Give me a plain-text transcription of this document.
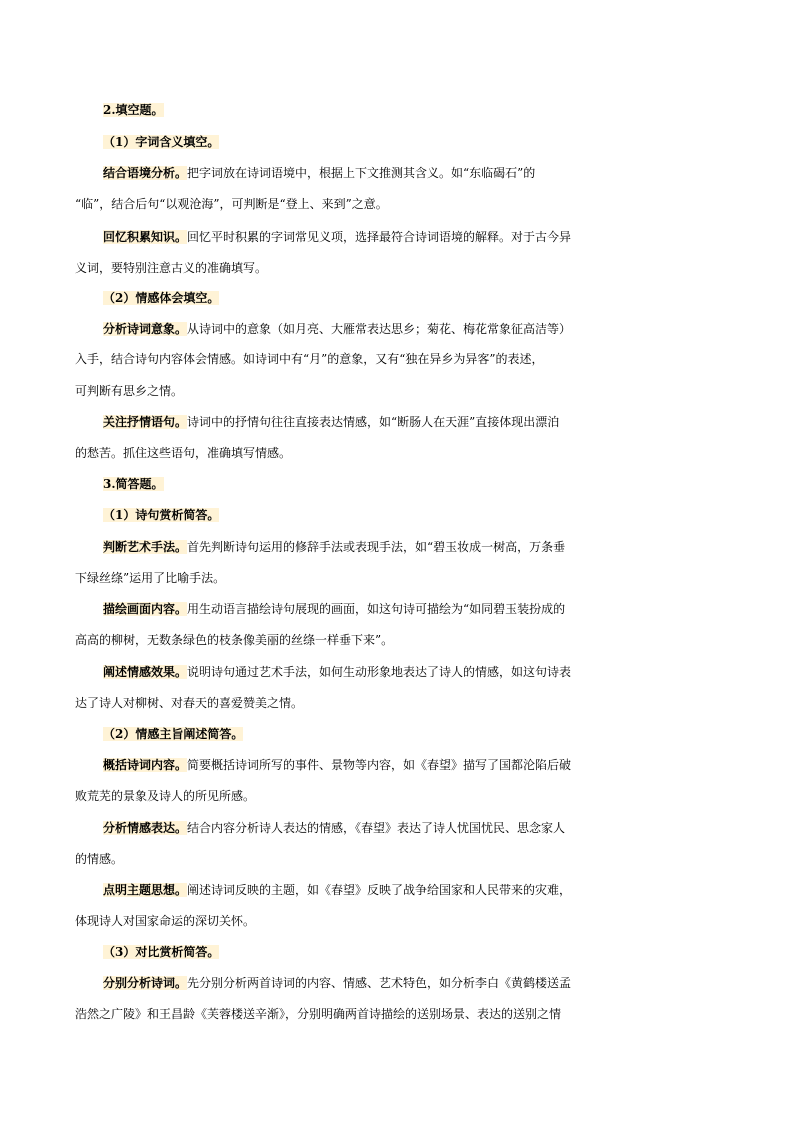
2.填空题。
（1）字词含义填空。
结合语境分析。把字词放在诗词语境中，根据上下文推测其含义。如“东临碣石”的
“临”，结合后句“以观沧海”，可判断是“登上、来到”之意。
回忆积累知识。回忆平时积累的字词常见义项，选择最符合诗词语境的解释。对于古今异
义词，要特别注意古义的准确填写。
（2）情感体会填空。
分析诗词意象。从诗词中的意象（如月亮、大雁常表达思乡；菊花、梅花常象征高洁等）
入手，结合诗句内容体会情感。如诗词中有“月”的意象，又有“独在异乡为异客”的表述，
可判断有思乡之情。
关注抒情语句。诗词中的抒情句往往直接表达情感，如“断肠人在天涯”直接体现出漂泊
的愁苦。抓住这些语句，准确填写情感。
3.简答题。
（1）诗句赏析简答。
判断艺术手法。首先判断诗句运用的修辞手法或表现手法，如“碧玉妆成一树高，万条垂
下绿丝绦”运用了比喻手法。
描绘画面内容。用生动语言描绘诗句展现的画面，如这句诗可描绘为“如同碧玉装扮成的
高高的柳树，无数条绿色的枝条像美丽的丝绦一样垂下来”。
阐述情感效果。说明诗句通过艺术手法，如何生动形象地表达了诗人的情感，如这句诗表
达了诗人对柳树、对春天的喜爱赞美之情。
（2）情感主旨阐述简答。
概括诗词内容。简要概括诗词所写的事件、景物等内容，如《春望》描写了国都沦陷后破
败荒芜的景象及诗人的所见所感。
分析情感表达。结合内容分析诗人表达的情感，《春望》表达了诗人忧国忧民、思念家人
的情感。
点明主题思想。阐述诗词反映的主题，如《春望》反映了战争给国家和人民带来的灾难，
体现诗人对国家命运的深切关怀。
（3）对比赏析简答。
分别分析诗词。先分别分析两首诗词的内容、情感、艺术特色，如分析李白《黄鹤楼送孟
浩然之广陵》和王昌龄《芙蓉楼送辛渐》，分别明确两首诗描绘的送别场景、表达的送别之情
